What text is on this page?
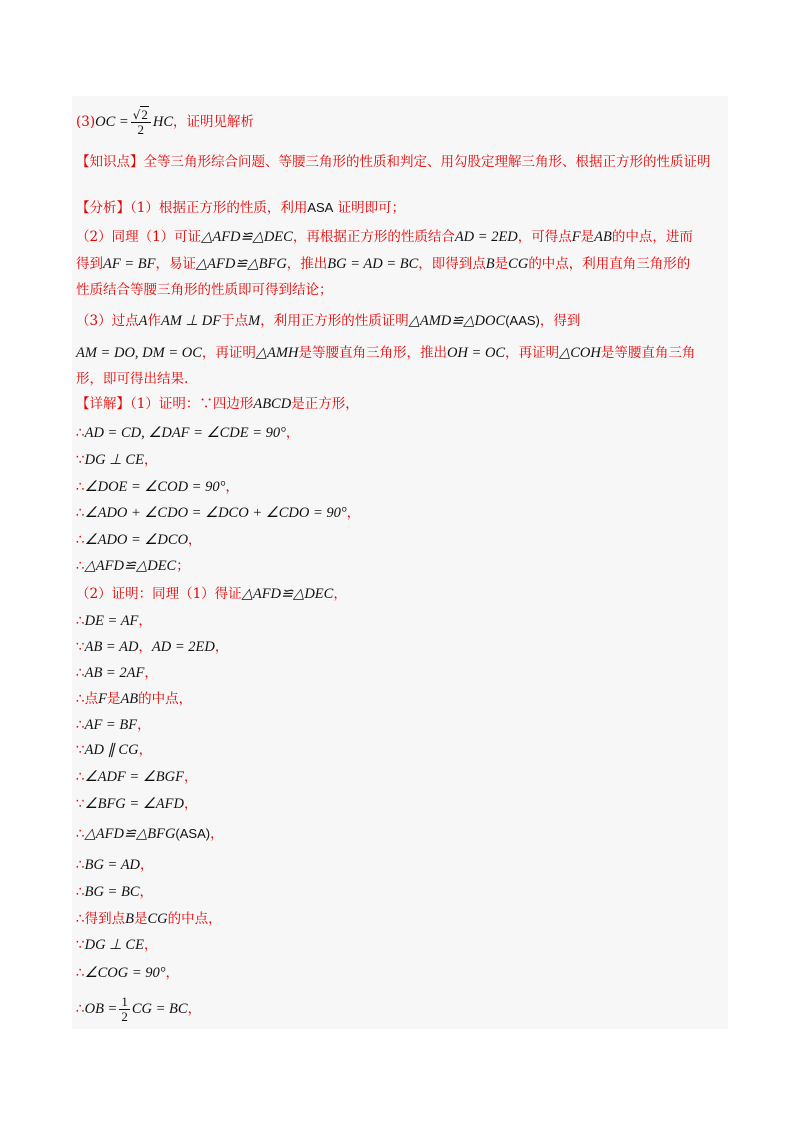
$(3)OC = \frac{√2}{2}$ HC，证明见解析
【知识点】全等三角形综合问题、等腰三角形的性质和判定、用勾股定理解三角形、根据正方形的性质证明
【分析】（1）根据正方形的性质，利用ASA 证明即可；
（2）同理（1）可证△AFD≌△DEC，再根据正方形的性质结合AD = 2ED，可得点F是AB的中点，进而
得到AF = BF，易证△AFD≌△BFG，推出BG = AD = BC，即得到点B是CG的中点，利用直角三角形的
性质结合等腰三角形的性质即可得到结论；
（3）过点A作AM ⊥ DF于点M，利用正方形的性质证明△AMD≌△DOC(AAS)，得到
AM = DO, DM = OC，再证明△AMH是等腰直角三角形，推出OH = OC，再证明△COH是等腰直角三角
形，即可得出结果.
【详解】（1）证明：∵四边形ABCD是正方形，
∴AD = CD, ∠DAF = ∠CDE = 90°，
∵DG ⊥ CE，
∴∠DOE = ∠COD = 90°，
∴∠ADO + ∠CDO = ∠DCO + ∠CDO = 90°，
∴∠ADO = ∠DCO，
∴△AFD≌△DEC；
（2）证明：同理（1）得证△AFD≌△DEC，
∴DE = AF，
∵AB = AD，AD = 2ED，
∴AB = 2AF，
∴点F是AB的中点，
∴AF = BF，
∵AD ∥ CG，
∴∠ADF = ∠BGF，
∵∠BFG = ∠AFD，
∴△AFD≌△BFG(ASA)，
∴BG = AD，
∴BG = BC，
∴得到点B是CG的中点，
∵DG ⊥ CE，
∴∠COG = 90°，
∴OB = $\frac{1}{2}$ CG = BC，
